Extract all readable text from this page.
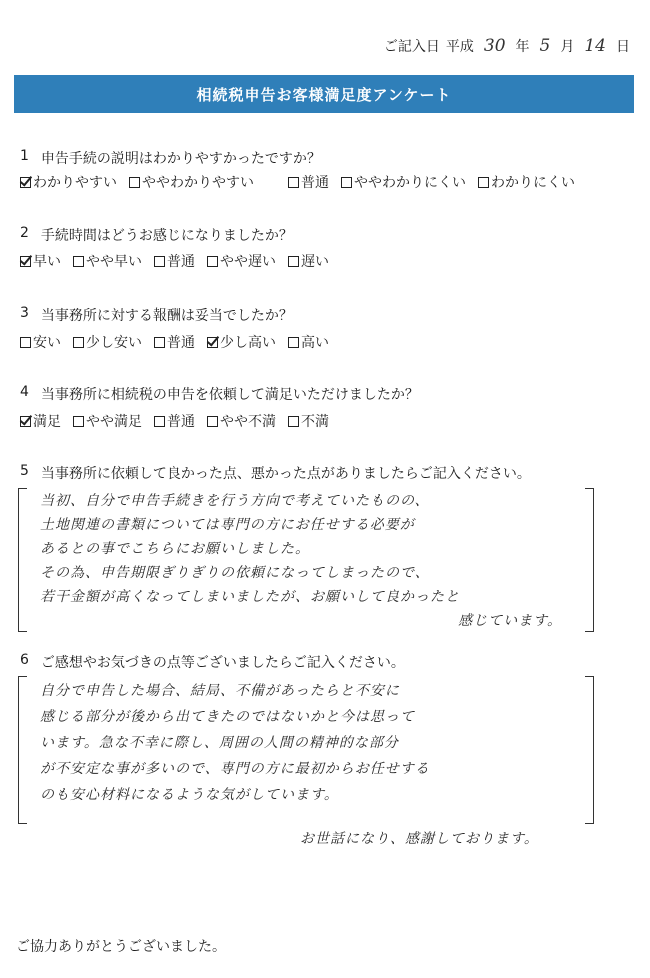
ご記入日 平成 30 年 5 月 14 日
相続税申告お客様満足度アンケート
1 申告手続の説明はわかりやすかったですか？
わかりやすい ややわかりやすい	普通 ややわかりにくい わかりにくい
2 手続時間はどうお感じになりましたか？
早い やや早い 普通 やや遅い 遅い
3 当事務所に対する報酬は妥当でしたか？
安い 少し安い 普通 少し高い 高い
4 当事務所に相続税の申告を依頼して満足いただけましたか？
満足 やや満足 普通 やや不満 不満
5 当事務所に依頼して良かった点、悪かった点がありましたらご記入ください。
当初、自分で申告手続きを行う方向で考えていたものの、
土地関連の書類については専門の方にお任せする必要が
あるとの事でこちらにお願いしました。
その為、申告期限ぎりぎりの依頼になってしまったので、
若干金額が高くなってしまいましたが、お願いして良かったと
感じています。
6 ご感想やお気づきの点等ございましたらご記入ください。
自分で申告した場合、結局、不備があったらと不安に
感じる部分が後から出てきたのではないかと今は思って
います。急な不幸に際し、周囲の人間の精神的な部分
が不安定な事が多いので、専門の方に最初からお任せする
のも安心材料になるような気がしています。
お世話になり、感謝しております。
ご協力ありがとうございました。
